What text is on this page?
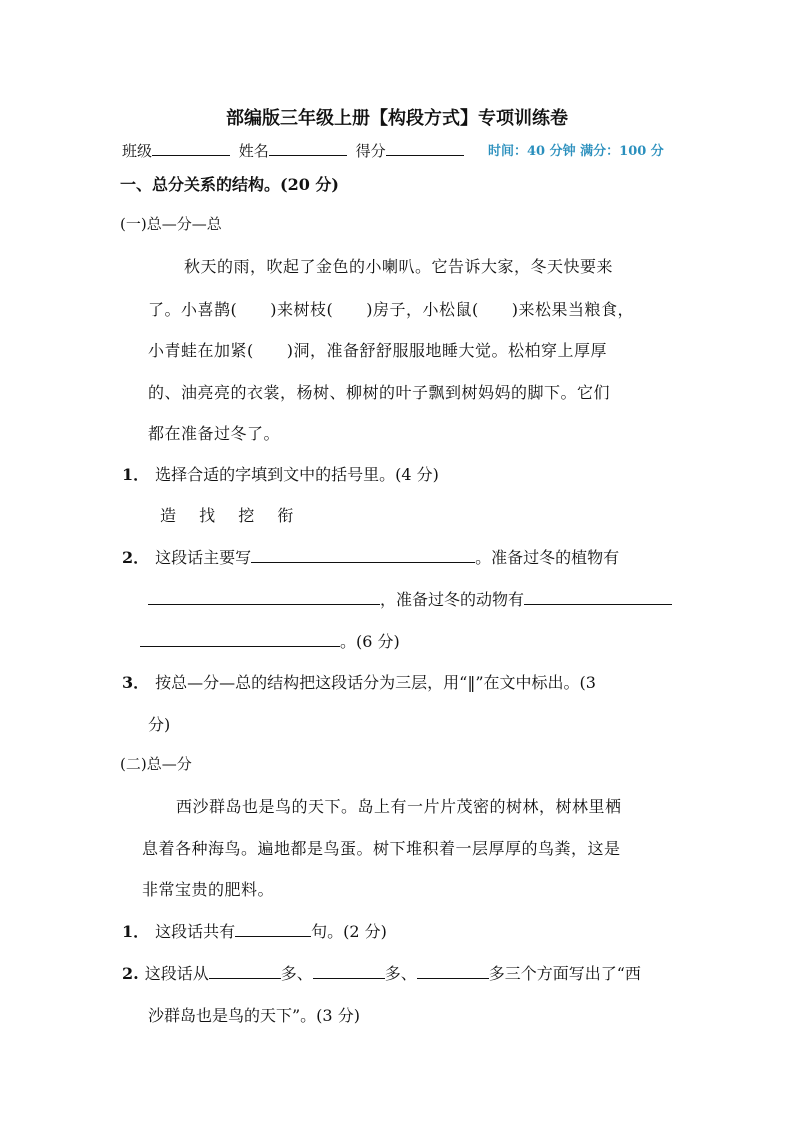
部编版三年级上册【构段方式】专项训练卷
班级	姓名	得分	时间：40 分钟 满分：100 分
一、总分关系的结构。(20 分)
(一)总—分—总
秋天的雨，吹起了金色的小喇叭。它告诉大家，冬天快要来
了。小喜鹊(　　)来树枝(　　)房子，小松鼠(　　)来松果当粮食，
小青蛙在加紧(　　)洞，准备舒舒服服地睡大觉。松柏穿上厚厚
的、油亮亮的衣裳，杨树、柳树的叶子飘到树妈妈的脚下。它们
都在准备过冬了。
1． 选择合适的字填到文中的括号里。(4 分)
造 找 挖 衔
2． 这段话主要写	。准备过冬的植物有
，准备过冬的动物有
。(6 分)
3． 按总—分—总的结构把这段话分为三层，用“‖”在文中标出。(3
分)
(二)总—分
西沙群岛也是鸟的天下。岛上有一片片茂密的树林，树林里栖
息着各种海鸟。遍地都是鸟蛋。树下堆积着一层厚厚的鸟粪，这是
非常宝贵的肥料。
1． 这段话共有	句。(2 分)
2. 这段话从	多、	多、	多三个方面写出了“西
沙群岛也是鸟的天下”。(3 分)
